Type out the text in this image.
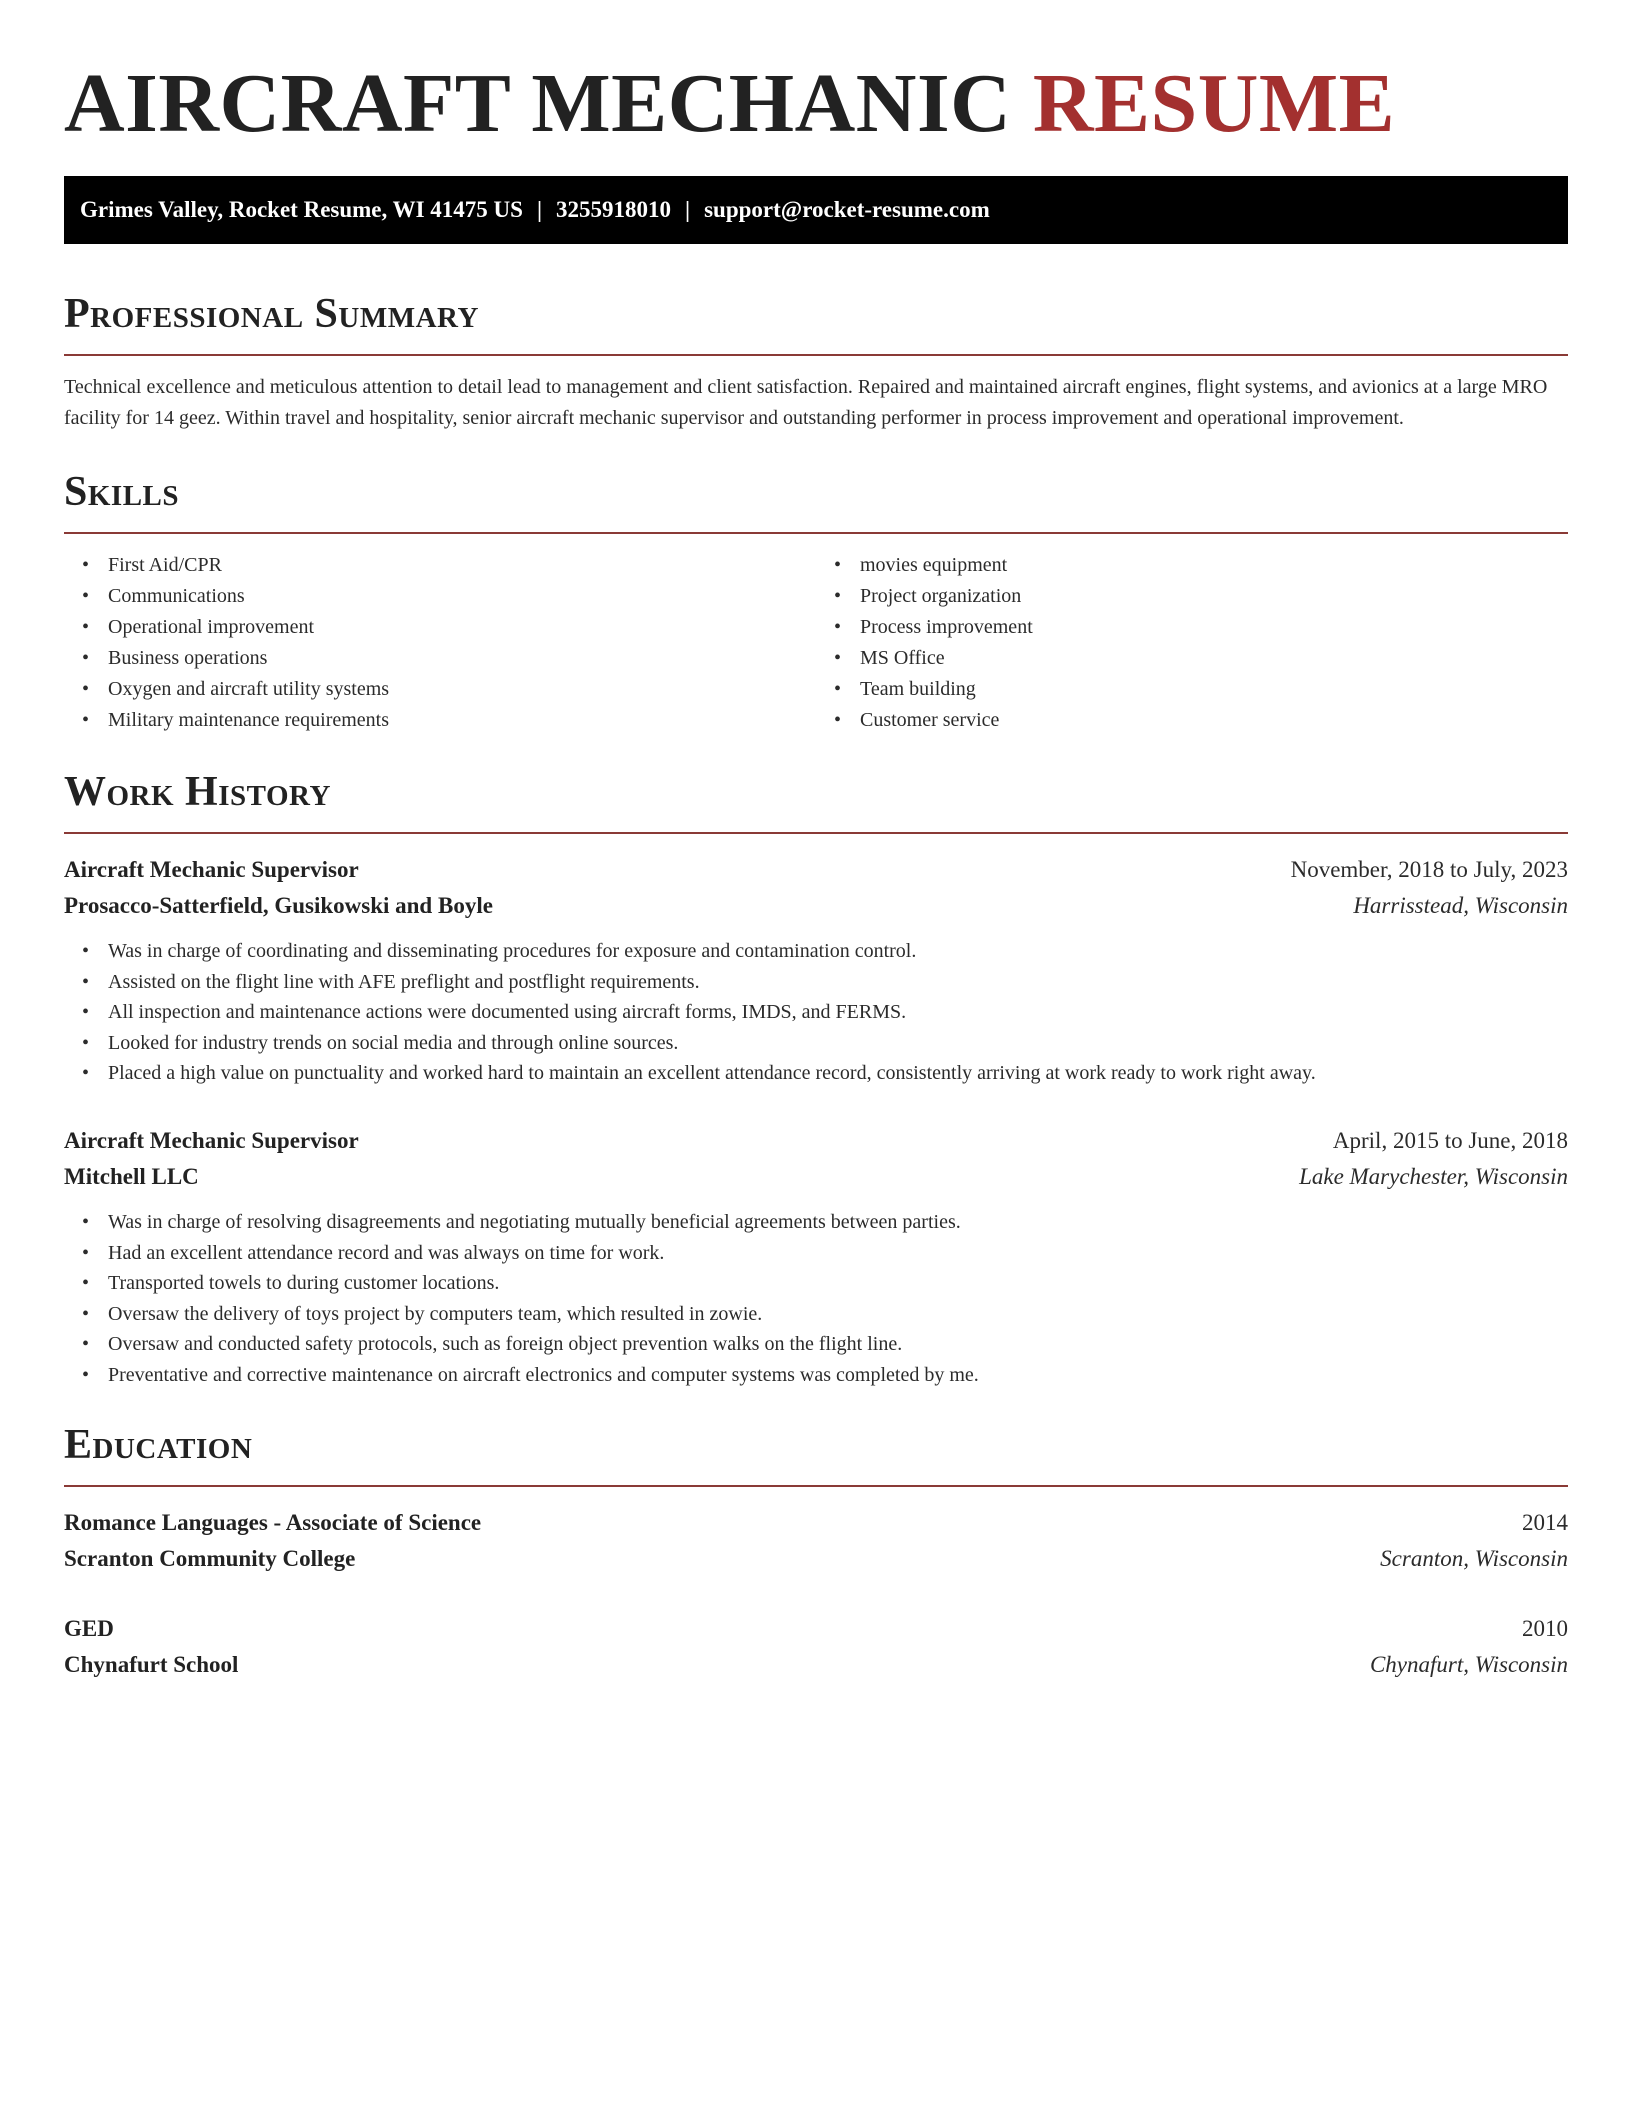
AIRCRAFT MECHANIC RESUME
Grimes Valley, Rocket Resume, WI 41475 US | 3255918010 | support@rocket-resume.com
Professional Summary
Technical excellence and meticulous attention to detail lead to management and client satisfaction. Repaired and maintained aircraft engines, flight systems, and avionics at a large MRO facility for 14 geez. Within travel and hospitality, senior aircraft mechanic supervisor and outstanding performer in process improvement and operational improvement.
Skills
• First Aid/CPR
• Communications
• Operational improvement
• Business operations
• Oxygen and aircraft utility systems
• Military maintenance requirements
• movies equipment
• Project organization
• Process improvement
• MS Office
• Team building
• Customer service
Work History
Aircraft Mechanic Supervisor	November, 2018 to July, 2023
Prosacco-Satterfield, Gusikowski and Boyle	Harrisstead, Wisconsin
• Was in charge of coordinating and disseminating procedures for exposure and contamination control.
• Assisted on the flight line with AFE preflight and postflight requirements.
• All inspection and maintenance actions were documented using aircraft forms, IMDS, and FERMS.
• Looked for industry trends on social media and through online sources.
• Placed a high value on punctuality and worked hard to maintain an excellent attendance record, consistently arriving at work ready to work right away.
Aircraft Mechanic Supervisor	April, 2015 to June, 2018
Mitchell LLC	Lake Marychester, Wisconsin
• Was in charge of resolving disagreements and negotiating mutually beneficial agreements between parties.
• Had an excellent attendance record and was always on time for work.
• Transported towels to during customer locations.
• Oversaw the delivery of toys project by computers team, which resulted in zowie.
• Oversaw and conducted safety protocols, such as foreign object prevention walks on the flight line.
• Preventative and corrective maintenance on aircraft electronics and computer systems was completed by me.
Education
Romance Languages - Associate of Science	2014
Scranton Community College	Scranton, Wisconsin
GED	2010
Chynafurt School	Chynafurt, Wisconsin
